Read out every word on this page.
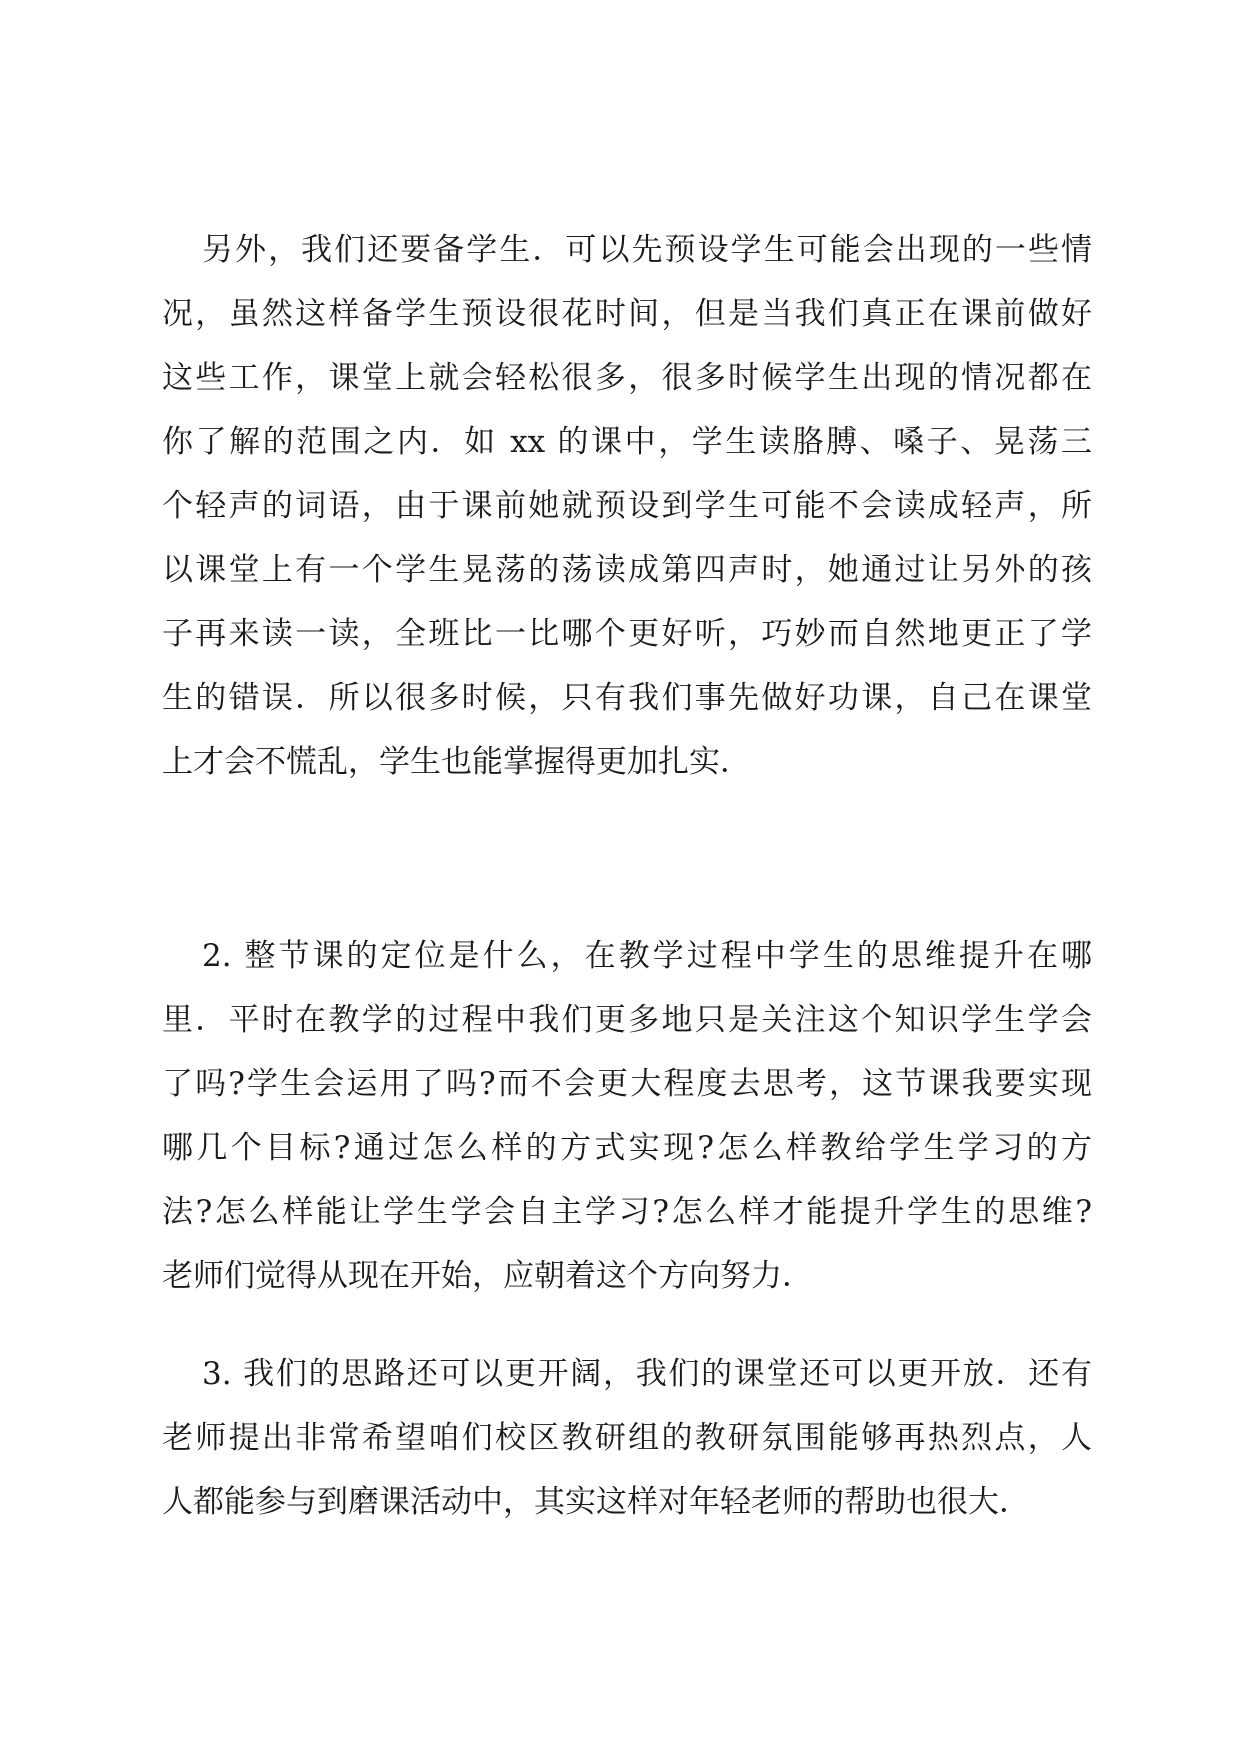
另外，我们还要备学生．可以先预设学生可能会出现的一些情
况，虽然这样备学生预设很花时间，但是当我们真正在课前做好
这些工作，课堂上就会轻松很多，很多时候学生出现的情况都在
你了解的范围之内．如 xx 的课中，学生读胳膊、嗓子、晃荡三
个轻声的词语，由于课前她就预设到学生可能不会读成轻声，所
以课堂上有一个学生晃荡的荡读成第四声时，她通过让另外的孩
子再来读一读，全班比一比哪个更好听，巧妙而自然地更正了学
生的错误．所以很多时候，只有我们事先做好功课，自己在课堂
上才会不慌乱，学生也能掌握得更加扎实．
2. 整节课的定位是什么，在教学过程中学生的思维提升在哪
里．平时在教学的过程中我们更多地只是关注这个知识学生学会
了吗?学生会运用了吗?而不会更大程度去思考，这节课我要实现
哪几个目标?通过怎么样的方式实现?怎么样教给学生学习的方
法?怎么样能让学生学会自主学习?怎么样才能提升学生的思维?
老师们觉得从现在开始，应朝着这个方向努力．
3. 我们的思路还可以更开阔，我们的课堂还可以更开放．还有
老师提出非常希望咱们校区教研组的教研氛围能够再热烈点，人
人都能参与到磨课活动中，其实这样对年轻老师的帮助也很大．
